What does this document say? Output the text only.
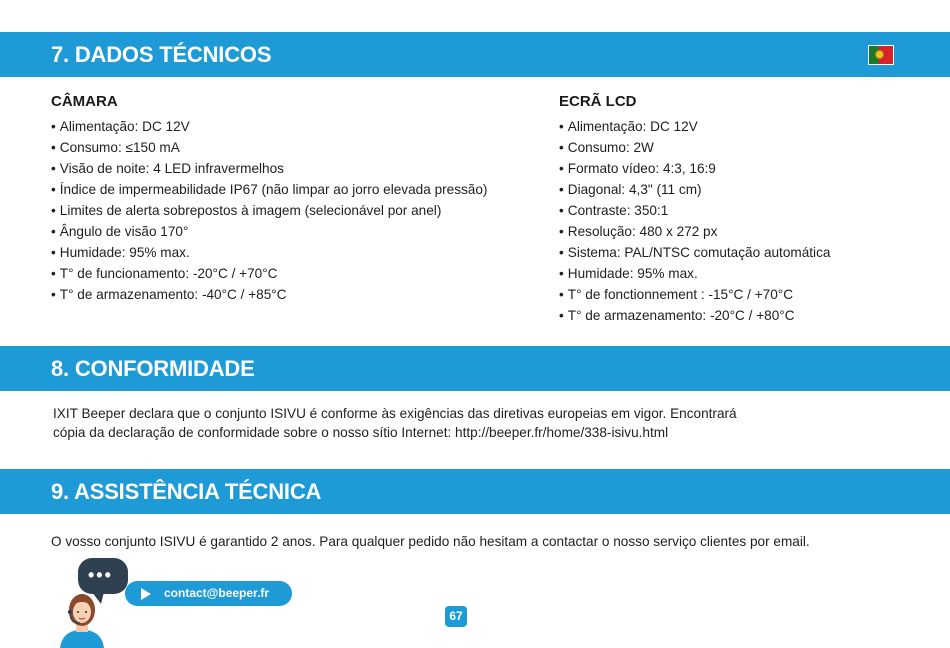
7. DADOS TÉCNICOS
CÂMARA
• Alimentação: DC 12V
• Consumo: ≤150 mA
• Visão de noite: 4 LED infravermelhos
• Índice de impermeabilidade IP67 (não limpar ao jorro elevada pressão)
• Limites de alerta sobrepostos à imagem (selecionável por anel)
• Ângulo de visão 170°
• Humidade: 95% max.
• T° de funcionamento: -20°C / +70°C
• T° de armazenamento: -40°C / +85°C
ECRÃ LCD
• Alimentação: DC 12V
• Consumo: 2W
• Formato vídeo: 4:3, 16:9
• Diagonal: 4,3" (11 cm)
• Contraste: 350:1
• Resolução: 480 x 272 px
• Sistema: PAL/NTSC comutação automática
• Humidade: 95% max.
• T° de fonctionnement : -15°C / +70°C
• T° de armazenamento: -20°C / +80°C
8. CONFORMIDADE
IXIT Beeper declara que o conjunto ISIVU é conforme às exigências das diretivas europeias em vigor. Encontrará
cópia da declaração de conformidade sobre o nosso sítio Internet: http://beeper.fr/home/338-isivu.html
9. ASSISTÊNCIA TÉCNICA
O vosso conjunto ISIVU é garantido 2 anos. Para qualquer pedido não hesitam a contactar o nosso serviço clientes por email.
•••
contact@beeper.fr
67
